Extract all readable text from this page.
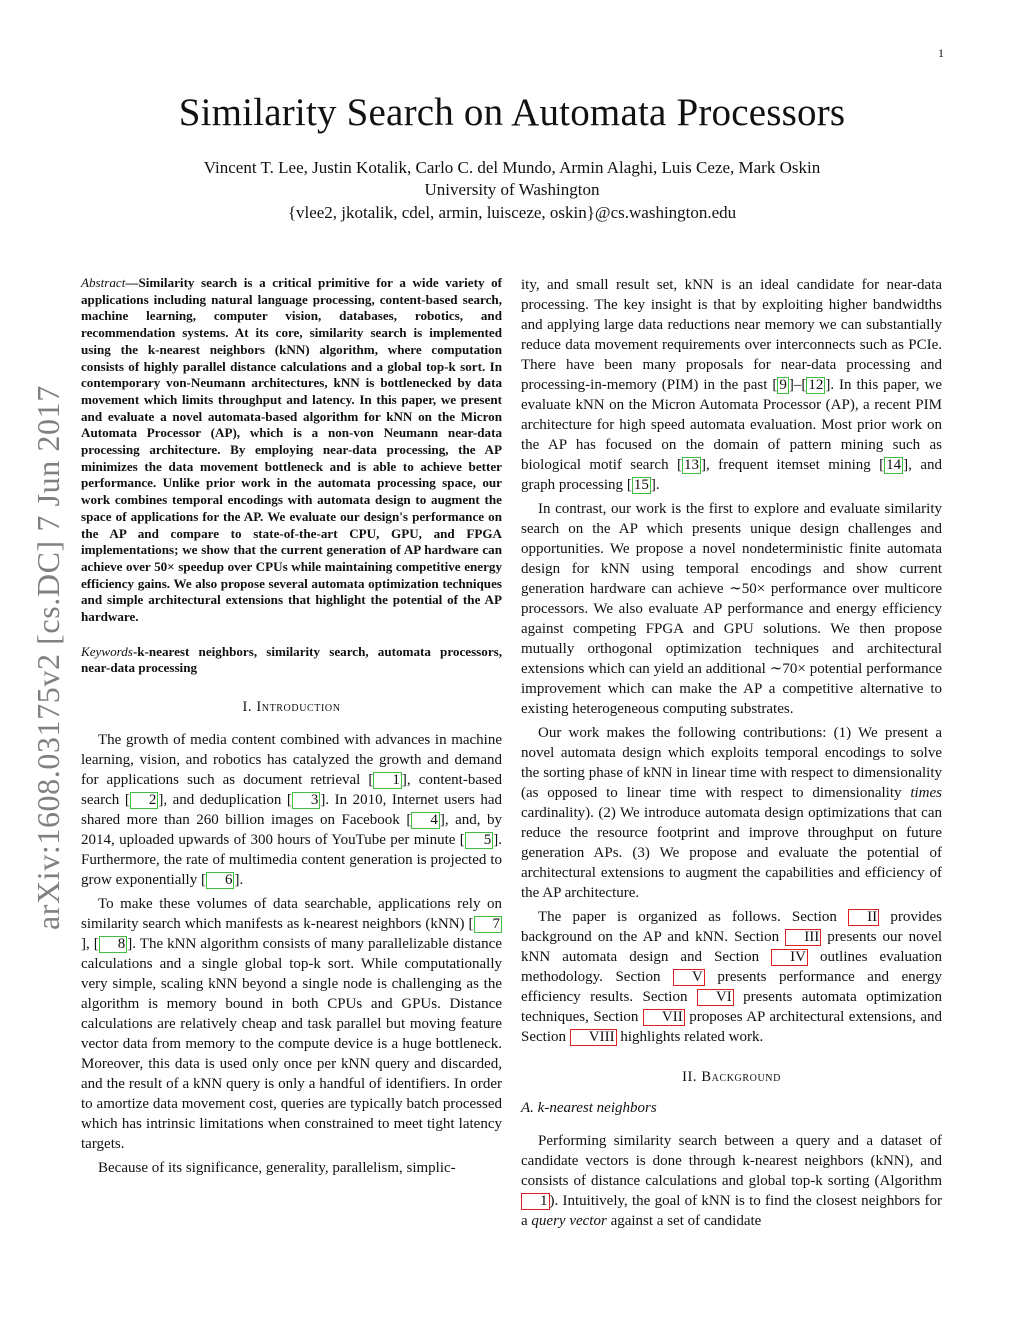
1
arXiv:1608.03175v2 [cs.DC] 7 Jun 2017
Similarity Search on Automata Processors
Vincent T. Lee, Justin Kotalik, Carlo C. del Mundo, Armin Alaghi, Luis Ceze, Mark Oskin
University of Washington
{vlee2, jkotalik, cdel, armin, luisceze, oskin}@cs.washington.edu

Abstract—Similarity search is a critical primitive for a wide variety of applications including natural language processing, content-based search, machine learning, computer vision, databases, robotics, and recommendation systems. At its core, similarity search is implemented using the k-nearest neighbors (kNN) algorithm, where computation consists of highly parallel distance calculations and a global top-k sort. In contemporary von-Neumann architectures, kNN is bottlenecked by data movement which limits throughput and latency. In this paper, we present and evaluate a novel automata-based algorithm for kNN on the Micron Automata Processor (AP), which is a non-von Neumann near-data processing architecture. By employing near-data processing, the AP minimizes the data movement bottleneck and is able to achieve better performance. Unlike prior work in the automata processing space, our work combines temporal encodings with automata design to augment the space of applications for the AP. We evaluate our design's performance on the AP and compare to state-of-the-art CPU, GPU, and FPGA implementations; we show that the current generation of AP hardware can achieve over 50× speedup over CPUs while maintaining competitive energy efficiency gains. We also propose several automata optimization techniques and simple architectural extensions that highlight the potential of the AP hardware.

Keywords-k-nearest neighbors, similarity search, automata processors, near-data processing

I. Introduction

The growth of media content combined with advances in machine learning, vision, and robotics has catalyzed the growth and demand for applications such as document retrieval [ 1 ], content-based search [ 2 ], and deduplication [ 3 ]. In 2010, Internet users had shared more than 260 billion images on Facebook [ 4 ], and, by 2014, uploaded upwards of 300 hours of YouTube per minute [ 5 ]. Furthermore, the rate of multimedia content generation is projected to grow exponentially [ 6 ].

To make these volumes of data searchable, applications rely on similarity search which manifests as k-nearest neighbors (kNN) [ 7], [ 8 ]. The kNN algorithm consists of many parallelizable distance calculations and a single global top-k sort. While computationally very simple, scaling kNN beyond a single node is challenging as the algorithm is memory bound in both CPUs and GPUs. Distance calculations are relatively cheap and task parallel but moving feature vector data from memory to the compute device is a huge bottleneck. Moreover, this data is used only once per kNN query and discarded, and the result of a kNN query is only a handful of identifiers. In order to amortize data movement cost, queries are typically batch processed which has intrinsic limitations when constrained to meet tight latency targets.

Because of its significance, generality, parallelism, simplic-

ity, and small result set, kNN is an ideal candidate for near-data processing. The key insight is that by exploiting higher bandwidths and applying large data reductions near memory we can substantially reduce data movement requirements over interconnects such as PCIe. There have been many proposals for near-data processing and processing-in-memory (PIM) in the past [ 9 ]–[ 12 ]. In this paper, we evaluate kNN on the Micron Automata Processor (AP), a recent PIM architecture for high speed automata evaluation. Most prior work on the AP has focused on the domain of pattern mining such as biological motif search [ 13 ], frequent itemset mining [ 14 ], and graph processing [ 15 ].

In contrast, our work is the first to explore and evaluate similarity search on the AP which presents unique design challenges and opportunities. We propose a novel nondeterministic finite automata design for kNN using temporal encodings and show current generation hardware can achieve ∼50× performance over multicore processors. We also evaluate AP performance and energy efficiency against competing FPGA and GPU solutions. We then propose mutually orthogonal optimization techniques and architectural extensions which can yield an additional ∼70× potential performance improvement which can make the AP a competitive alternative to existing heterogeneous computing substrates.

Our work makes the following contributions: (1) We present a novel automata design which exploits temporal encodings to solve the sorting phase of kNN in linear time with respect to dimensionality (as opposed to linear time with respect to dimensionality times cardinality). (2) We introduce automata design optimizations that can reduce the resource footprint and improve throughput on future generation APs. (3) We propose and evaluate the potential of architectural extensions to augment the capabilities and efficiency of the AP architecture.

The paper is organized as follows. Section II provides background on the AP and kNN. Section III presents our novel kNN automata design and Section IV outlines evaluation methodology. Section V presents performance and energy efficiency results. Section VI presents automata optimization techniques, Section VII proposes AP architectural extensions, and Section VIII highlights related work.

II. Background
A. k-nearest neighbors

Performing similarity search between a query and a dataset of candidate vectors is done through k-nearest neighbors (kNN), and consists of distance calculations and global top-k sorting (Algorithm 1 ). Intuitively, the goal of kNN is to find the closest neighbors for a query vector against a set of candidate
